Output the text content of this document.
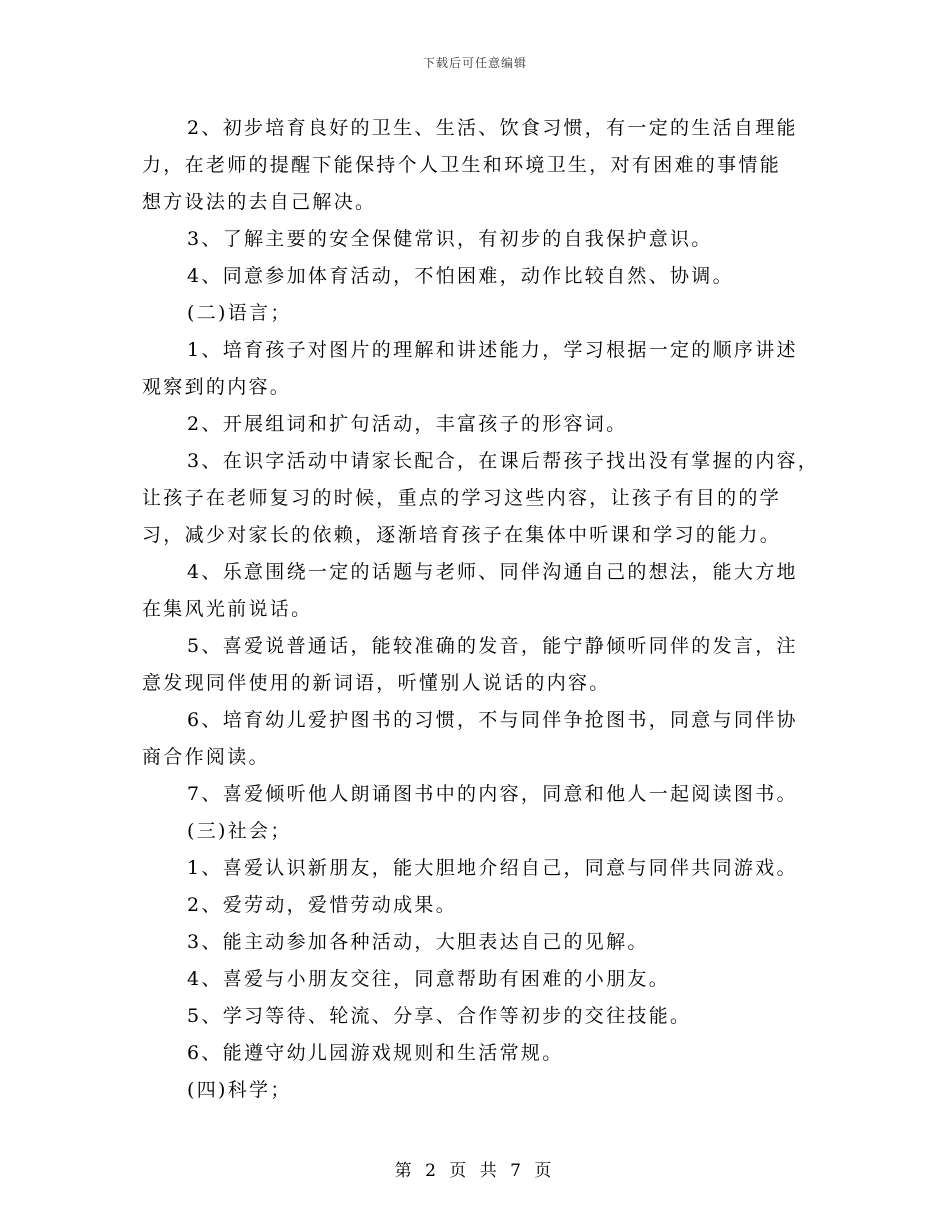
下载后可任意编辑
2、初步培育良好的卫生、生活、饮食习惯，有一定的生活自理能
力，在老师的提醒下能保持个人卫生和环境卫生，对有困难的事情能
想方设法的去自己解决。
3、了解主要的安全保健常识，有初步的自我保护意识。
4、同意参加体育活动，不怕困难，动作比较自然、协调。
(二)语言；
1、培育孩子对图片的理解和讲述能力，学习根据一定的顺序讲述
观察到的内容。
2、开展组词和扩句活动，丰富孩子的形容词。
3、在识字活动中请家长配合，在课后帮孩子找出没有掌握的内容，
让孩子在老师复习的时候，重点的学习这些内容，让孩子有目的的学
习，减少对家长的依赖，逐渐培育孩子在集体中听课和学习的能力。
4、乐意围绕一定的话题与老师、同伴沟通自己的想法，能大方地
在集风光前说话。
5、喜爱说普通话，能较准确的发音，能宁静倾听同伴的发言，注
意发现同伴使用的新词语，听懂别人说话的内容。
6、培育幼儿爱护图书的习惯，不与同伴争抢图书，同意与同伴协
商合作阅读。
7、喜爱倾听他人朗诵图书中的内容，同意和他人一起阅读图书。
(三)社会；
1、喜爱认识新朋友，能大胆地介绍自己，同意与同伴共同游戏。
2、爱劳动，爱惜劳动成果。
3、能主动参加各种活动，大胆表达自己的见解。
4、喜爱与小朋友交往，同意帮助有困难的小朋友。
5、学习等待、轮流、分享、合作等初步的交往技能。
6、能遵守幼儿园游戏规则和生活常规。
(四)科学；
第 2 页 共 7 页
